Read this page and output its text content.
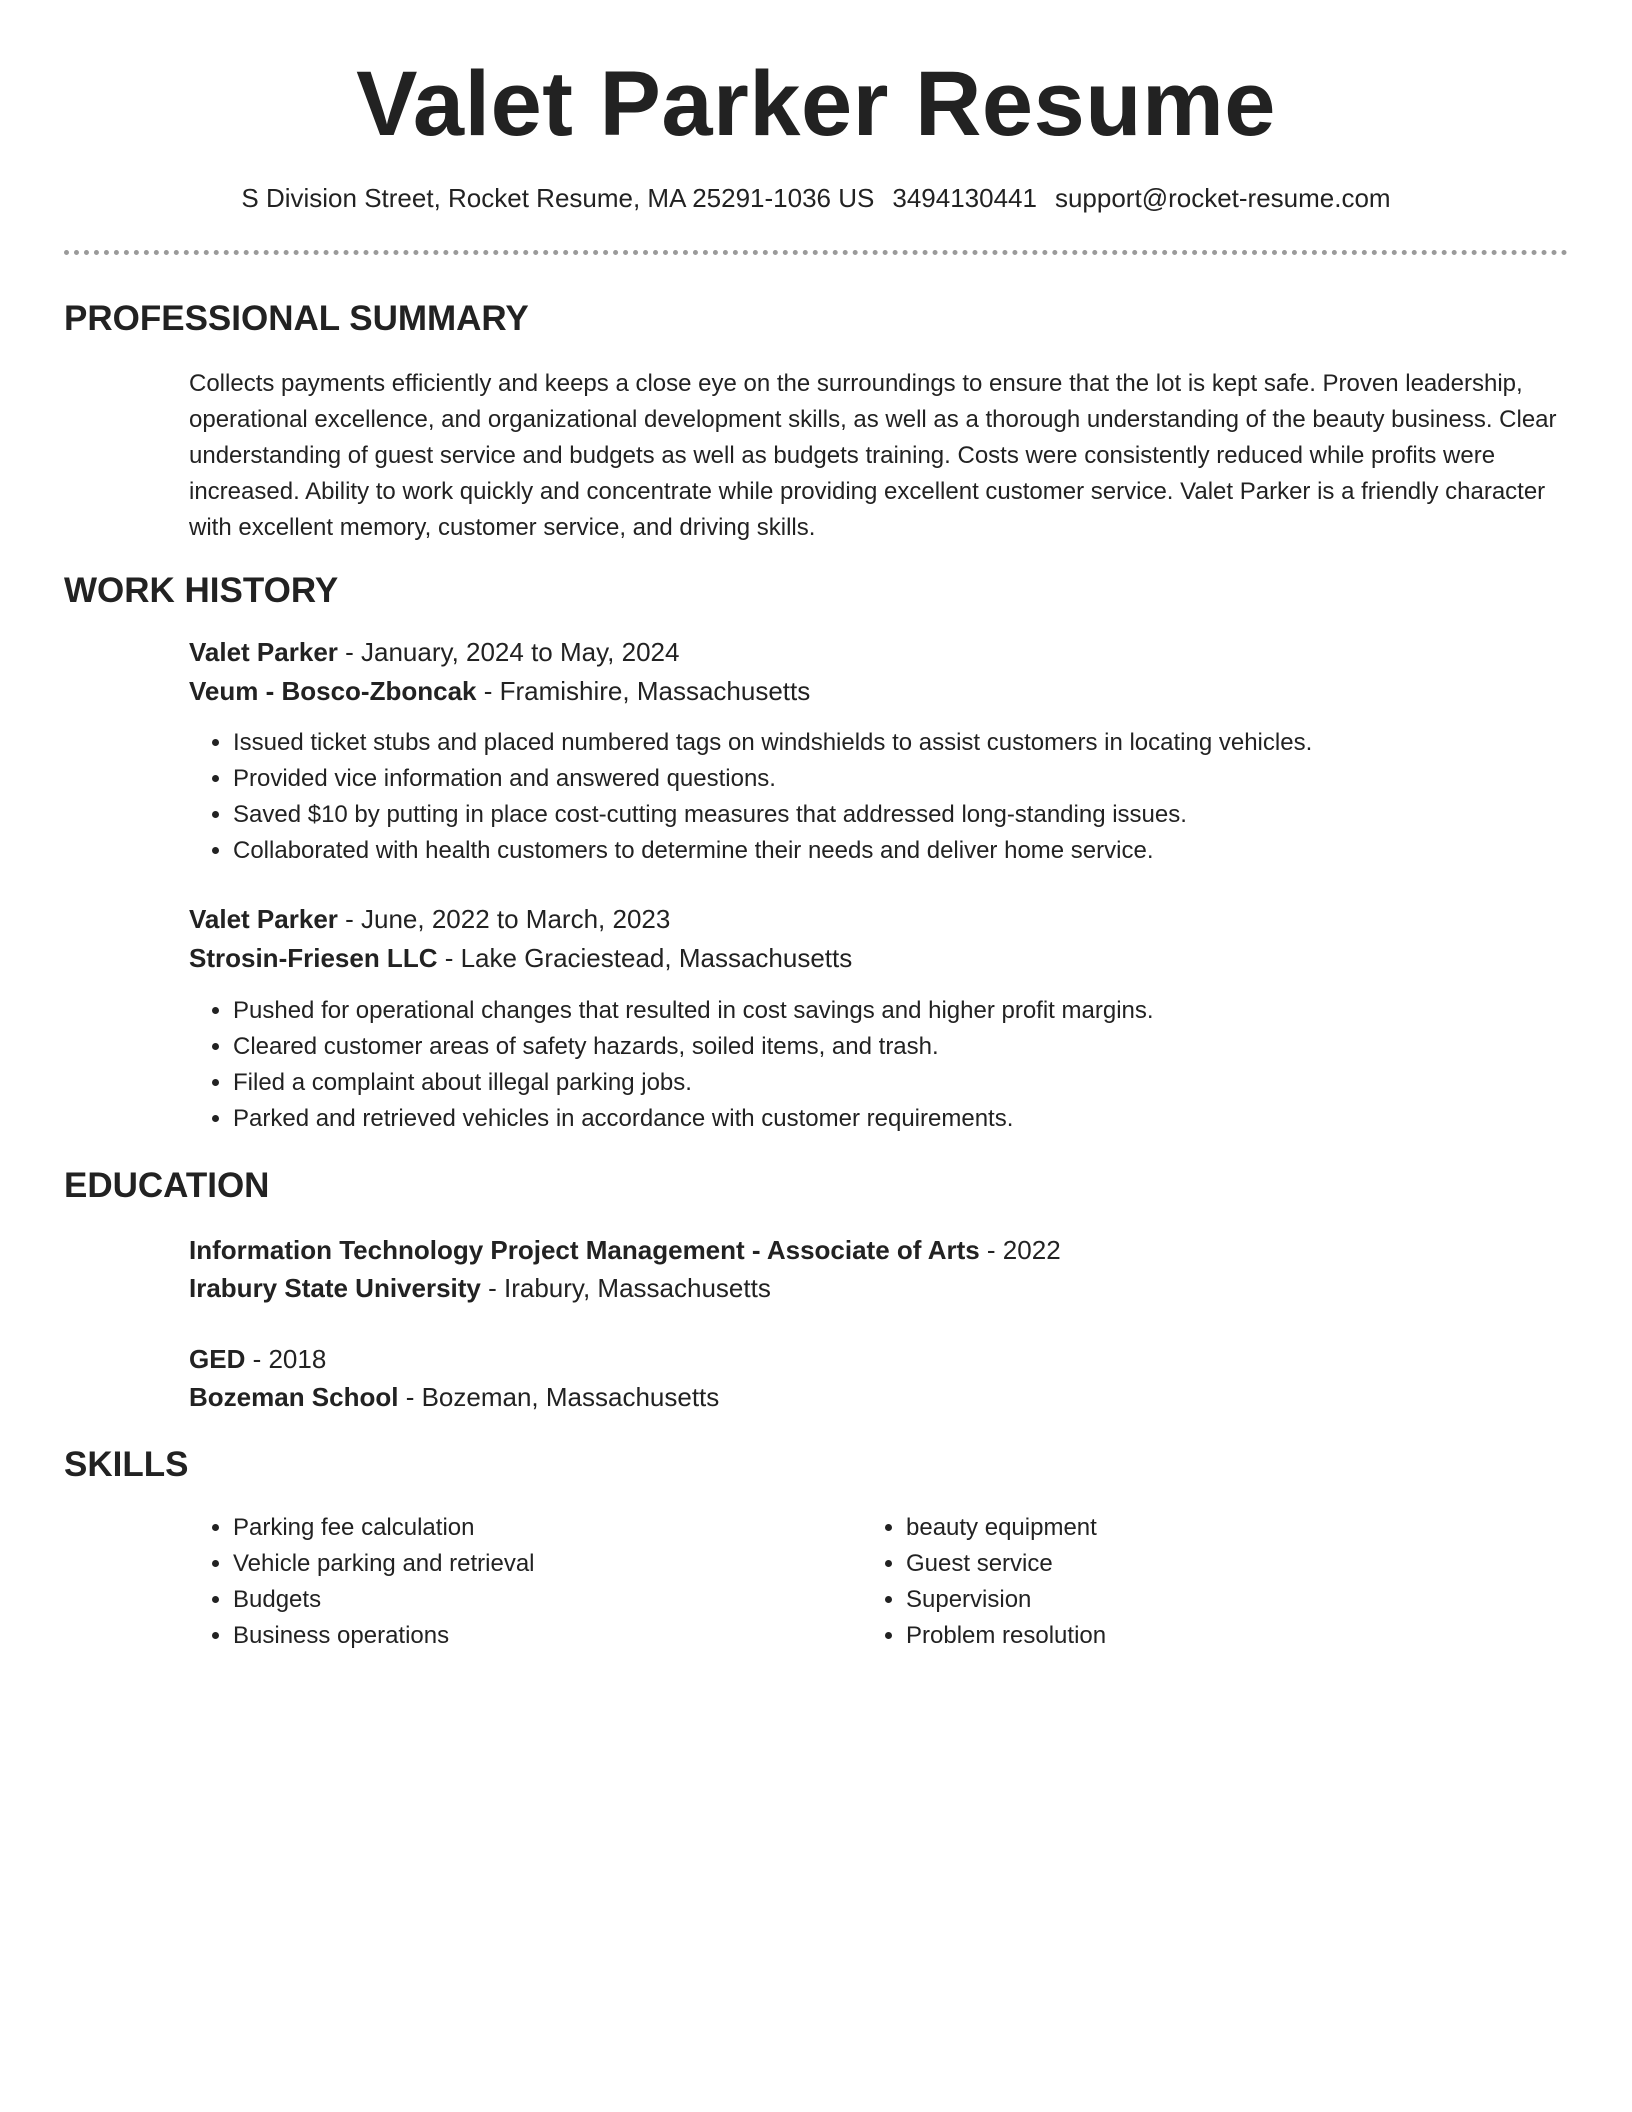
Valet Parker Resume
S Division Street, Rocket Resume, MA 25291-1036 US 3494130441 support@rocket-resume.com
PROFESSIONAL SUMMARY

Collects payments efficiently and keeps a close eye on the surroundings to ensure that the lot is kept safe. Proven leadership, operational excellence, and organizational development skills, as well as a thorough understanding of the beauty business. Clear understanding of guest service and budgets as well as budgets training. Costs were consistently reduced while profits were increased. Ability to work quickly and concentrate while providing excellent customer service. Valet Parker is a friendly character with excellent memory, customer service, and driving skills.

WORK HISTORY
Valet Parker - January, 2024 to May, 2024
Veum - Bosco-Zboncak - Framishire, Massachusetts
• Issued ticket stubs and placed numbered tags on windshields to assist customers in locating vehicles.
• Provided vice information and answered questions.
• Saved $10 by putting in place cost-cutting measures that addressed long-standing issues.
• Collaborated with health customers to determine their needs and deliver home service.
Valet Parker - June, 2022 to March, 2023
Strosin-Friesen LLC - Lake Graciestead, Massachusetts
• Pushed for operational changes that resulted in cost savings and higher profit margins.
• Cleared customer areas of safety hazards, soiled items, and trash.
• Filed a complaint about illegal parking jobs.
• Parked and retrieved vehicles in accordance with customer requirements.
EDUCATION
Information Technology Project Management - Associate of Arts - 2022
Irabury State University - Irabury, Massachusetts
GED - 2018
Bozeman School - Bozeman, Massachusetts
SKILLS
• Parking fee calculation
• Vehicle parking and retrieval
• Budgets
• Business operations
• beauty equipment
• Guest service
• Supervision
• Problem resolution
